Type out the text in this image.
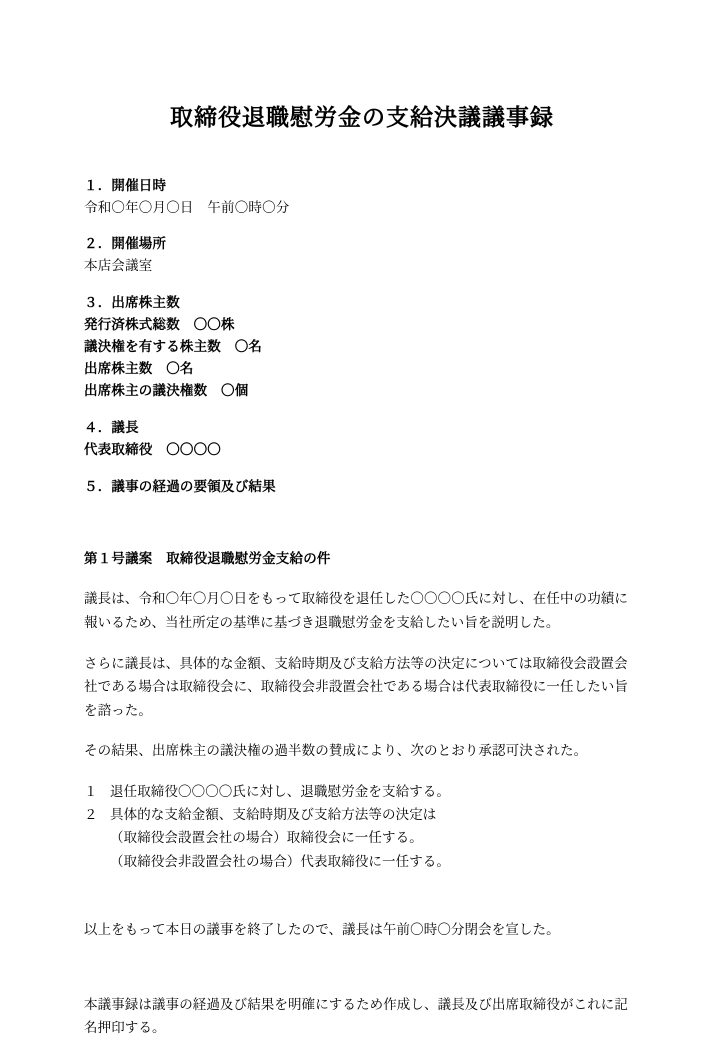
取締役退職慰労金の支給決議議事録

１．開催日時

令和〇年〇月〇日　午前〇時〇分

２．開催場所

本店会議室

３．出席株主数

発行済株式総数　〇〇株

議決権を有する株主数　〇名

出席株主数　〇名

出席株主の議決権数　〇個

４．議長

代表取締役　〇〇〇〇

５．議事の経過の要領及び結果

第１号議案　取締役退職慰労金支給の件

議長は、令和〇年〇月〇日をもって取締役を退任した〇〇〇〇氏に対し、在任中の功績に報いるため、当社所定の基準に基づき退職慰労金を支給したい旨を説明した。

さらに議長は、具体的な金額、支給時期及び支給方法等の決定については取締役会設置会社である場合は取締役会に、取締役会非設置会社である場合は代表取締役に一任したい旨を諮った。

その結果、出席株主の議決権の過半数の賛成により、次のとおり承認可決された。

１ 退任取締役〇〇〇〇氏に対し、退職慰労金を支給する。
２ 具体的な支給金額、支給時期及び支給方法等の決定は

（取締役会設置会社の場合）取締役会に一任する。

（取締役会非設置会社の場合）代表取締役に一任する。

以上をもって本日の議事を終了したので、議長は午前〇時〇分閉会を宣した。

本議事録は議事の経過及び結果を明確にするため作成し、議長及び出席取締役がこれに記名押印する。
